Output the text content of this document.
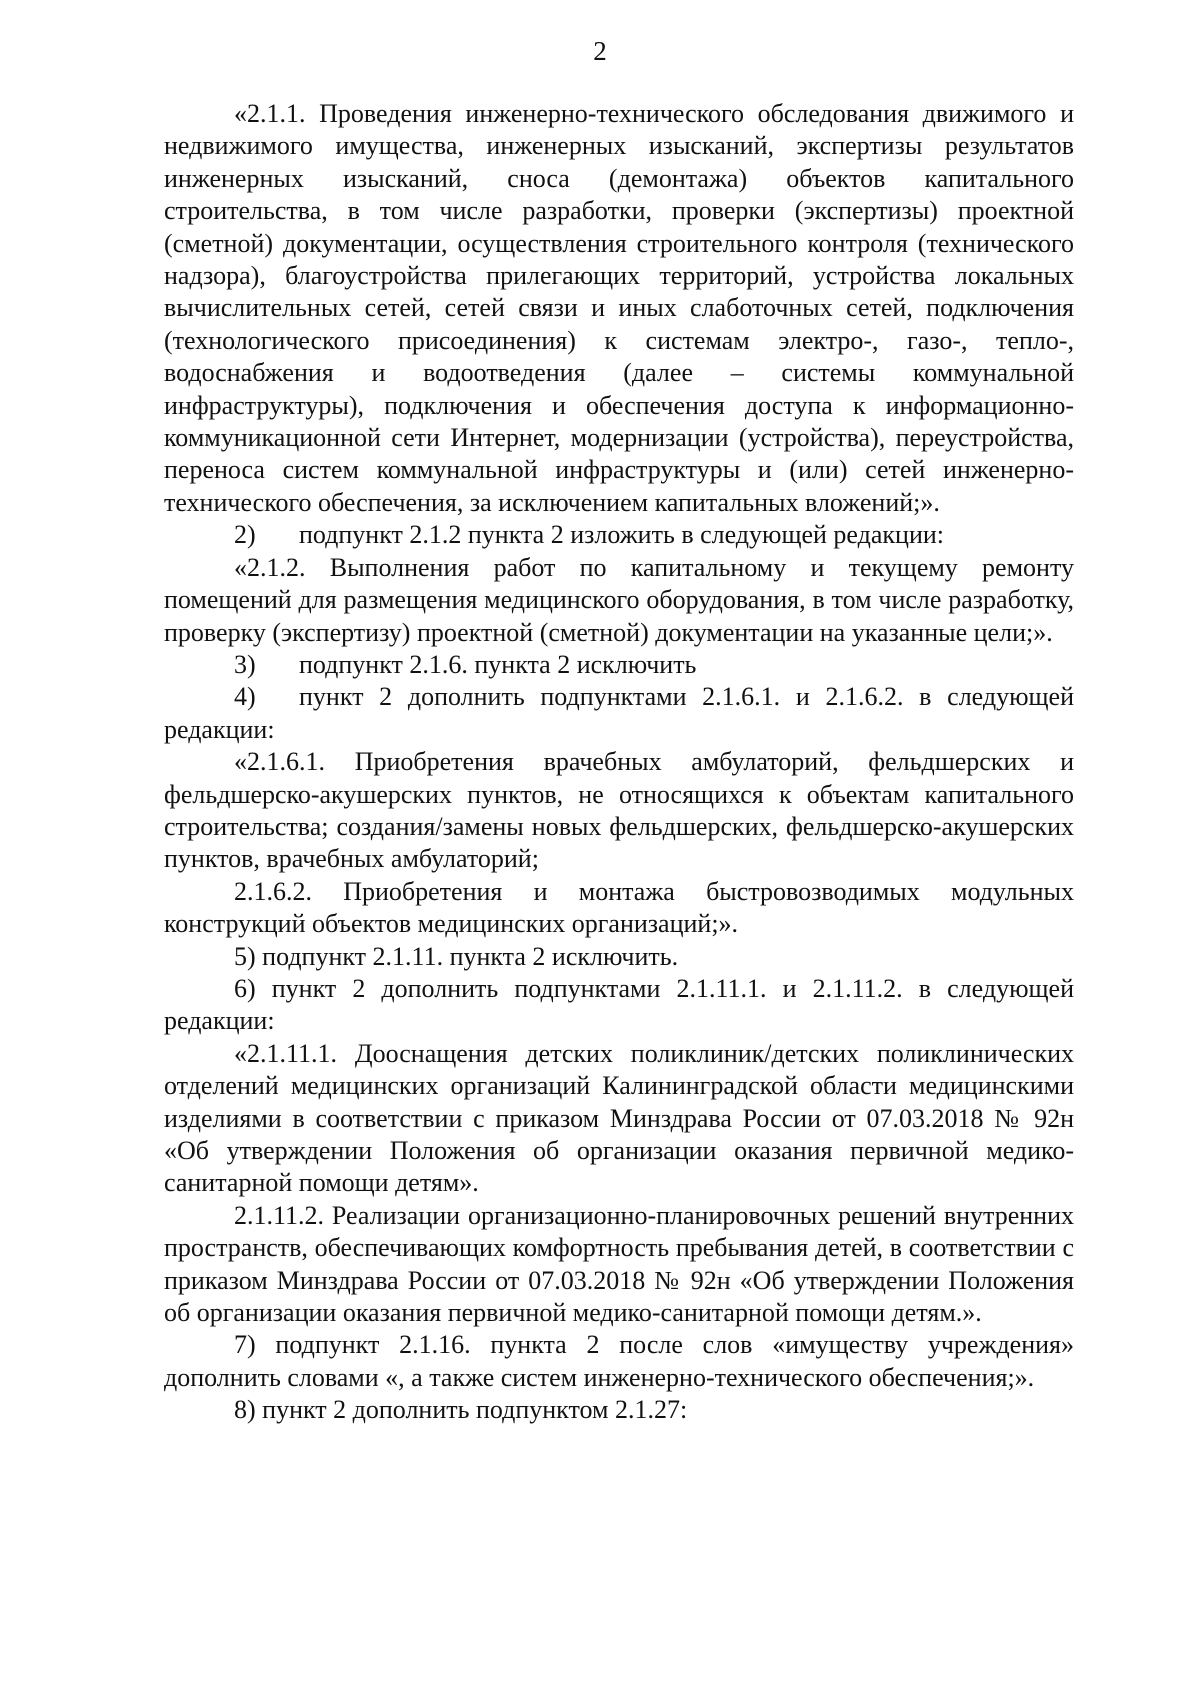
2

«2.1.1. Проведения инженерно-технического обследования движимого и недвижимого имущества, инженерных изысканий, экспертизы результатов инженерных изысканий, сноса (демонтажа) объектов капитального строительства, в том числе разработки, проверки (экспертизы) проектной (сметной) документации, осуществления строительного контроля (технического надзора), благоустройства прилегающих территорий, устройства локальных вычислительных сетей, сетей связи и иных слаботочных сетей, подключения (технологического присоединения) к системам электро-, газо-, тепло-, водоснабжения и водоотведения (далее – системы коммунальной инфраструктуры), подключения и обеспечения доступа к информационно-коммуникационной сети Интернет, модернизации (устройства), переустройства, переноса систем коммунальной инфраструктуры и (или) сетей инженерно-технического обеспечения, за исключением капитальных вложений;».

2) подпункт 2.1.2 пункта 2 изложить в следующей редакции:

«2.1.2. Выполнения работ по капитальному и текущему ремонту помещений для размещения медицинского оборудования, в том числе разработку, проверку (экспертизу) проектной (сметной) документации на указанные цели;».

3) подпункт 2.1.6. пункта 2 исключить

4) пункт 2 дополнить подпунктами 2.1.6.1. и 2.1.6.2. в следующей редакции:

«2.1.6.1. Приобретения врачебных амбулаторий, фельдшерских и фельдшерско-акушерских пунктов, не относящихся к объектам капитального строительства; создания/замены новых фельдшерских, фельдшерско-акушерских пунктов, врачебных амбулаторий;

2.1.6.2. Приобретения и монтажа быстровозводимых модульных конструкций объектов медицинских организаций;».

5) подпункт 2.1.11. пункта 2 исключить.

6) пункт 2 дополнить подпунктами 2.1.11.1. и 2.1.11.2. в следующей редакции:

«2.1.11.1. Дооснащения детских поликлиник/детских поликлинических отделений медицинских организаций Калининградской области медицинскими изделиями в соответствии с приказом Минздрава России от 07.03.2018 № 92н «Об утверждении Положения об организации оказания первичной медико-санитарной помощи детям».

2.1.11.2. Реализации организационно-планировочных решений внутренних пространств, обеспечивающих комфортность пребывания детей, в соответствии с приказом Минздрава России от 07.03.2018 № 92н «Об утверждении Положения об организации оказания первичной медико-санитарной помощи детям.».

7) подпункт 2.1.16. пункта 2 после слов «имуществу учреждения» дополнить словами «, а также систем инженерно-технического обеспечения;».

8) пункт 2 дополнить подпунктом 2.1.27:
